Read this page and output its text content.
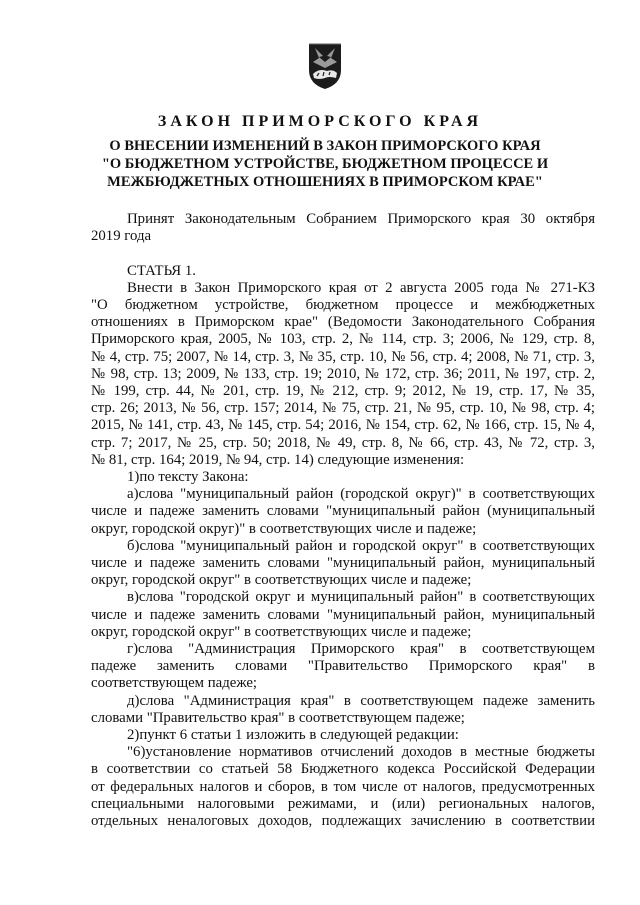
ЗАКОН ПРИМОРСКОГО КРАЯ
О ВНЕСЕНИИ ИЗМЕНЕНИЙ В ЗАКОН ПРИМОРСКОГО КРАЯ
"О БЮДЖЕТНОМ УСТРОЙСТВЕ, БЮДЖЕТНОМ ПРОЦЕССЕ И
МЕЖБЮДЖЕТНЫХ ОТНОШЕНИЯХ В ПРИМОРСКОМ КРАЕ"
Принят Законодательным Собранием Приморского края 30 октября
2019 года
СТАТЬЯ 1.
Внести в Закон Приморского края от 2 августа 2005 года № 271-КЗ
"О бюджетном устройстве, бюджетном процессе и межбюджетных
отношениях в Приморском крае" (Ведомости Законодательного Собрания
Приморского края, 2005, № 103, стр. 2, № 114, стр. 3; 2006, № 129, стр. 8,
№ 4, стр. 75; 2007, № 14, стр. 3, № 35, стр. 10, № 56, стр. 4; 2008, № 71, стр. 3,
№ 98, стр. 13; 2009, № 133, стр. 19; 2010, № 172, стр. 36; 2011, № 197, стр. 2,
№ 199, стр. 44, № 201, стр. 19, № 212, стр. 9; 2012, № 19, стр. 17, № 35,
стр. 26; 2013, № 56, стр. 157; 2014, № 75, стр. 21, № 95, стр. 10, № 98, стр. 4;
2015, № 141, стр. 43, № 145, стр. 54; 2016, № 154, стр. 62, № 166, стр. 15, № 4,
стр. 7; 2017, № 25, стр. 50; 2018, № 49, стр. 8, № 66, стр. 43, № 72, стр. 3,
№ 81, стр. 164; 2019, № 94, стр. 14) следующие изменения:
1)по тексту Закона:
а)слова "муниципальный район (городской округ)" в соответствующих
числе и падеже заменить словами "муниципальный район (муниципальный
округ, городской округ)" в соответствующих числе и падеже;
б)слова "муниципальный район и городской округ" в соответствующих
числе и падеже заменить словами "муниципальный район, муниципальный
округ, городской округ" в соответствующих числе и падеже;
в)слова "городской округ и муниципальный район" в соответствующих
числе и падеже заменить словами "муниципальный район, муниципальный
округ, городской округ" в соответствующих числе и падеже;
г)слова "Администрация Приморского края" в соответствующем
падеже заменить словами "Правительство Приморского края" в
соответствующем падеже;
д)слова "Администрация края" в соответствующем падеже заменить
словами "Правительство края" в соответствующем падеже;
2)пункт 6 статьи 1 изложить в следующей редакции:
"6)установление нормативов отчислений доходов в местные бюджеты
в соответствии со статьей 58 Бюджетного кодекса Российской Федерации
от федеральных налогов и сборов, в том числе от налогов, предусмотренных
специальными налоговыми режимами, и (или) региональных налогов,
отдельных неналоговых доходов, подлежащих зачислению в соответствии
